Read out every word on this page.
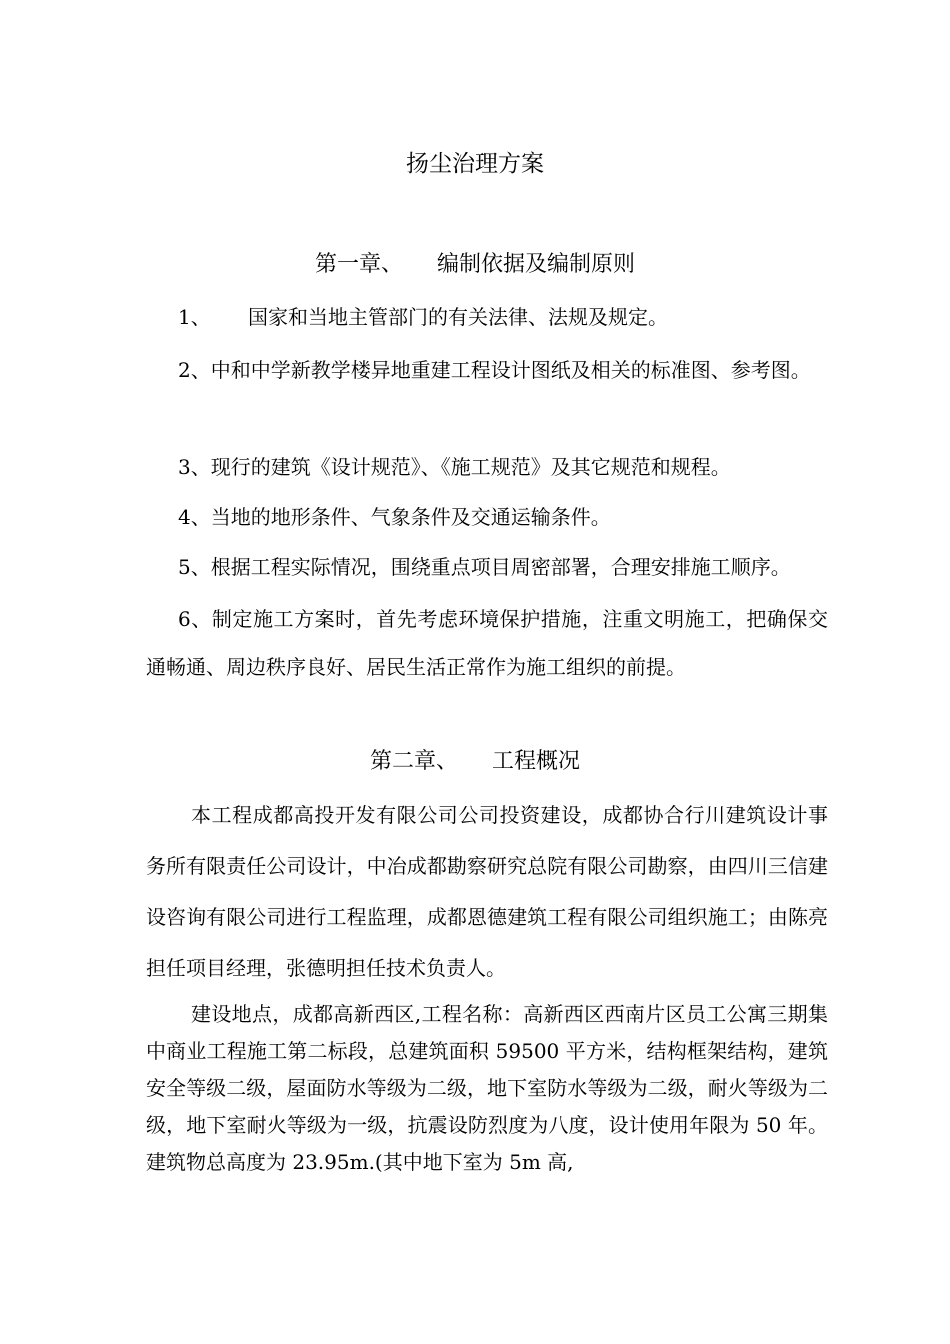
扬尘治理方案
第一章、 编制依据及编制原则
1、 国家和当地主管部门的有关法律、法规及规定。
2、中和中学新教学楼异地重建工程设计图纸及相关的标准图、参考图。
3、现行的建筑《设计规范》、《施工规范》及其它规范和规程。
4、当地的地形条件、气象条件及交通运输条件。
5、根据工程实际情况，围绕重点项目周密部署，合理安排施工顺序。
6、制定施工方案时，首先考虑环境保护措施，注重文明施工，把确保交通畅通、周边秩序良好、居民生活正常作为施工组织的前提。
第二章、 工程概况
本工程成都高投开发有限公司公司投资建设，成都协合行川建筑设计事务所有限责任公司设计，中冶成都勘察研究总院有限公司勘察，由四川三信建设咨询有限公司进行工程监理，成都恩德建筑工程有限公司组织施工；由陈亮担任项目经理，张德明担任技术负责人。
建设地点，成都高新西区,工程名称：高新西区西南片区员工公寓三期集中商业工程施工第二标段，总建筑面积 59500 平方米，结构框架结构，建筑安全等级二级，屋面防水等级为二级，地下室防水等级为二级，耐火等级为二级，地下室耐火等级为一级，抗震设防烈度为八度，设计使用年限为 50 年。建筑物总高度为 23.95m.(其中地下室为 5m 高,
